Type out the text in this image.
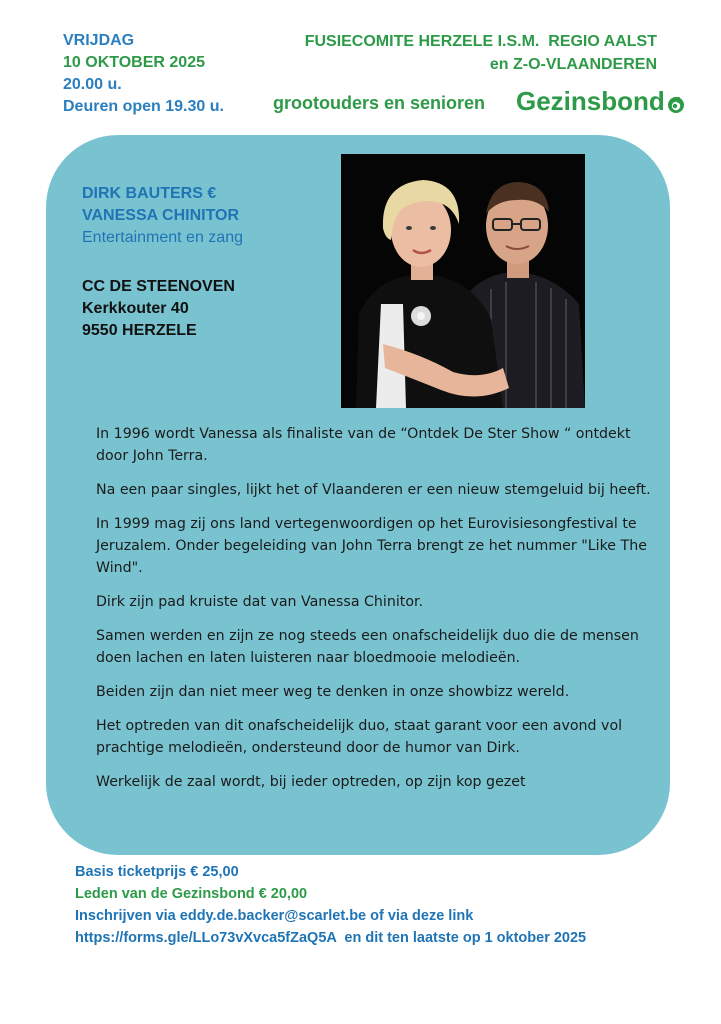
VRIJDAG
10 OKTOBER 2025
20.00 u.
Deuren open 19.30 u.
FUSIECOMITE HERZELE I.S.M.  REGIO AALST
en Z-O-VLAANDEREN
grootouders en senioren Gezinsbond
DIRK BAUTERS €
VANESSA CHINITOR
Entertainment en zang
CC DE STEENOVEN
Kerkkouter 40
9550 HERZELE

In 1996 wordt Vanessa als finaliste van de “Ontdek De Ster Show “ ontdekt door John Terra.

Na een paar singles, lijkt het of Vlaanderen er een nieuw stemgeluid bij heeft.

In 1999 mag zij ons land vertegenwoordigen op het Eurovisiesongfestival te Jeruzalem. Onder begeleiding van John Terra brengt ze het nummer "Like The Wind".

Dirk zijn pad kruiste dat van Vanessa Chinitor.

Samen werden en zijn ze nog steeds een onafscheidelijk duo die de mensen doen lachen en laten luisteren naar bloedmooie melodieën.

Beiden zijn dan niet meer weg te denken in onze showbizz wereld.

Het optreden van dit onafscheidelijk duo, staat garant voor een avond vol prachtige melodieën, ondersteund door de humor van Dirk.

Werkelijk de zaal wordt, bij ieder optreden, op zijn kop gezet

Basis ticketprijs € 25,00
Leden van de Gezinsbond € 20,00
Inschrijven via eddy.de.backer@scarlet.be of via deze link
https://forms.gle/LLo73vXvca5fZaQ5A  en dit ten laatste op 1 oktober 2025
